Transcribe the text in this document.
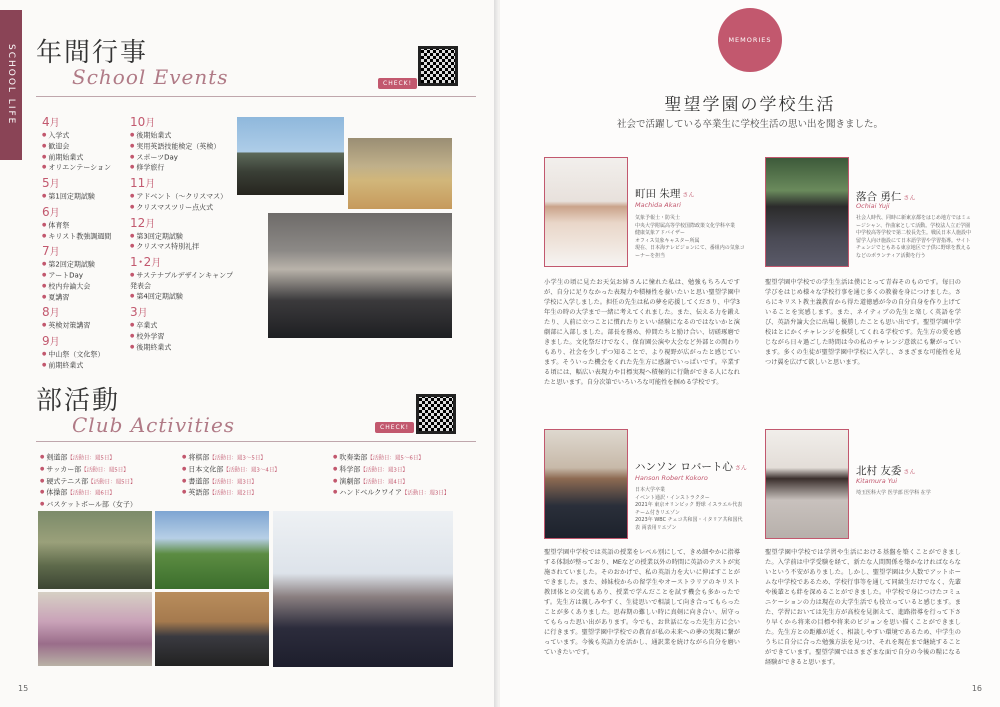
SCHOOL LIFE 年間行事
School Events	CHECK!
4月
● 入学式
● 歓迎会
● 前期始業式
● オリエンテーション
5月
● 第1回定期試験
6月
● 体育祭
● キリスト教強調週間
7月
● 第2回定期試験
● アートDay
● 校内弁論大会
● 夏講習
8月
● 英検対策講習
9月
● 中山祭（文化祭）
● 前期終業式
10月
● 後期始業式
● 実用英語技能検定（英検）
● スポーツDay
● 修学旅行
11月
● アドベント（～クリスマス）
● クリスマスツリー点火式
12月
● 第3回定期試験
● クリスマス特別礼拝
1･2月
● サステナブルデザインキャンプ発表会
● 第4回定期試験
3月
● 卒業式
● 校外学習
● 後期終業式
部活動
Club Activities	CHECK!
● 剣道部【活動日：週5日】
● サッカー部【活動日：週5日】
● 硬式テニス部【活動日：週5日】
● 体操部【活動日：週6日】
● バスケットボール部（女子）
● 将棋部【活動日：週3～5日】
● 日本文化部【活動日：週3～4日】
● 書道部【活動日：週3日】
● 英語部【活動日：週2日】
● 吹奏楽部【活動日：週5～6日】
● 科学部【活動日：週3日】
● 演劇部【活動日：週4日】
● ハンドベルクワイア【活動日：週3日】
15
MEMORIES
聖望学園の学校生活
社会で活躍している卒業生に学校生活の思い出を聞きました。
町田 朱理 さん
Machida Akari
気象予報士・防災士
中央大学附属高等学校国際政策文化学科卒業
健康気象アドバイザー
オフィス気象キャスター所属
現在、日本海テレビジョンにて、番組内の気象コーナーを担当
小学生の頃に見たお天気お姉さんに憧れた私は、勉強もちろんですが、自分に足りなかった表現力や積極性を養いたいと思い聖望学園中学校に入学しました。担任の先生は私の夢を応援してくださり、中学3年生の時の大学まで一緒に考えてくれました。また、伝える力を鍛えたり、人前に立つことに慣れたりといい経験になるのではないかと演劇部に入部しました。部長を務め、仲間たちと励け合い、切磋琢磨できました。文化祭だけでなく、保育園公演や大会など外部との関わりもあり、社会を少しずつ知ることで、より視野が広がったと感じています。そういった機会をくれた先生方に感謝でいっぱいです。卒業する頃には、幅広い表現力や目標実現へ積極的に行動ができる人になれたと思います。自分次第でいろいろな可能性を掴める学校です。
落合 勇仁 さん
Ochiai Yuji
社会人時代、同時に新東京都をはじめ地方ではミュージシャン、作曲家として活動。学校法人立正学園中学校高等学校で第二校長先生。戦民日本人施設中留学人向け施設にて日本語学習や学習指導。サイトチェンジでともある東京地区で子供に野球を教えるなどのボランティア活動を行う
聖望学園中学校での学生生活は僕にとって青春そのものです。毎日の学びをはじめ様々な学校行事を通じ多くの教養を身につけました。さらにキリスト教主義教育から得た道徳感が今の自分自身を作り上げていることを実感します。また、ネイティブの先生と楽しく英語を学び、英語弁論大会に出場し優勝したことも思い出です。聖望学園中学校はとにかくチャレンジを推奨してくれる学校です。先生方の愛を感じながら日々過ごした時間は今の私のチャレンジ意欲にも繋がっています。多くの生徒が聖望学園中学校に入学し、さまざまな可能性を見つけ翼を広げて欲しいと思います。
ハンソン ロバート心 さん
Hanson Robert Kokoro
日本大学卒業
イベント通訳・インストラクター
2021年 東京オリンピック 野球 イスラエル代表 チーム付きリエゾン
2023年 WBC チェコ共和国・イタリア共和国代表 両表用リエゾン
聖望学園中学校では英語の授業をレベル別にして、きめ細やかに指導する体制が整っており、MEなどの授業以外の時間に英語のテストが実施されていました。そのおかげで、私の英語力を大いに伸ばすことができました。また、姉妹校からの留学生やオーストラリアのキリスト教団体との交流もあり、授業で学んだことを試す機会も多かったです。先生方は親しみやすく、生徒思いで相談して向き合ってもらったことが多くありました。思春期の難しい時に真剣に向き合い、居守ってもらった思い出があります。今でも、お世話になった先生方に会いに行きます。聖望学園中学校での教育が私の未来への夢の実現に繋がっています。今後も英語力を活かし、通訳業を続けながら自分を磨いていきたいです。
北村 友委 さん
Kitamura Yui
埼玉医科大学 医学部 医学科 在学
聖望学園中学校では学習や生活における基盤を築くことができました。入学前は中学受験を経て、新たな人間関係を築かなければならないという不安がありました。しかし、聖望学園は少人数でアットホームな中学校であるため、学校行事等を通して同級生だけでなく、先輩や後輩とも絆を深めることができました。中学校で身につけたコミュニケーションの力は現在の大学生活でも役立っていると感じます。また、学習においては先生方が高校を見据えて、進路指導を行って下さり早くから将来の目標や将来のビジョンを思い描くことができました。先生方との距離が近く、相談しやすい環境であるため、中学生のうちに自分に合った勉強方法を見つけ、それを現在まで継続することができています。聖望学園ではさまざまな面で自分の今後の糧になる経験ができると思います。
16
